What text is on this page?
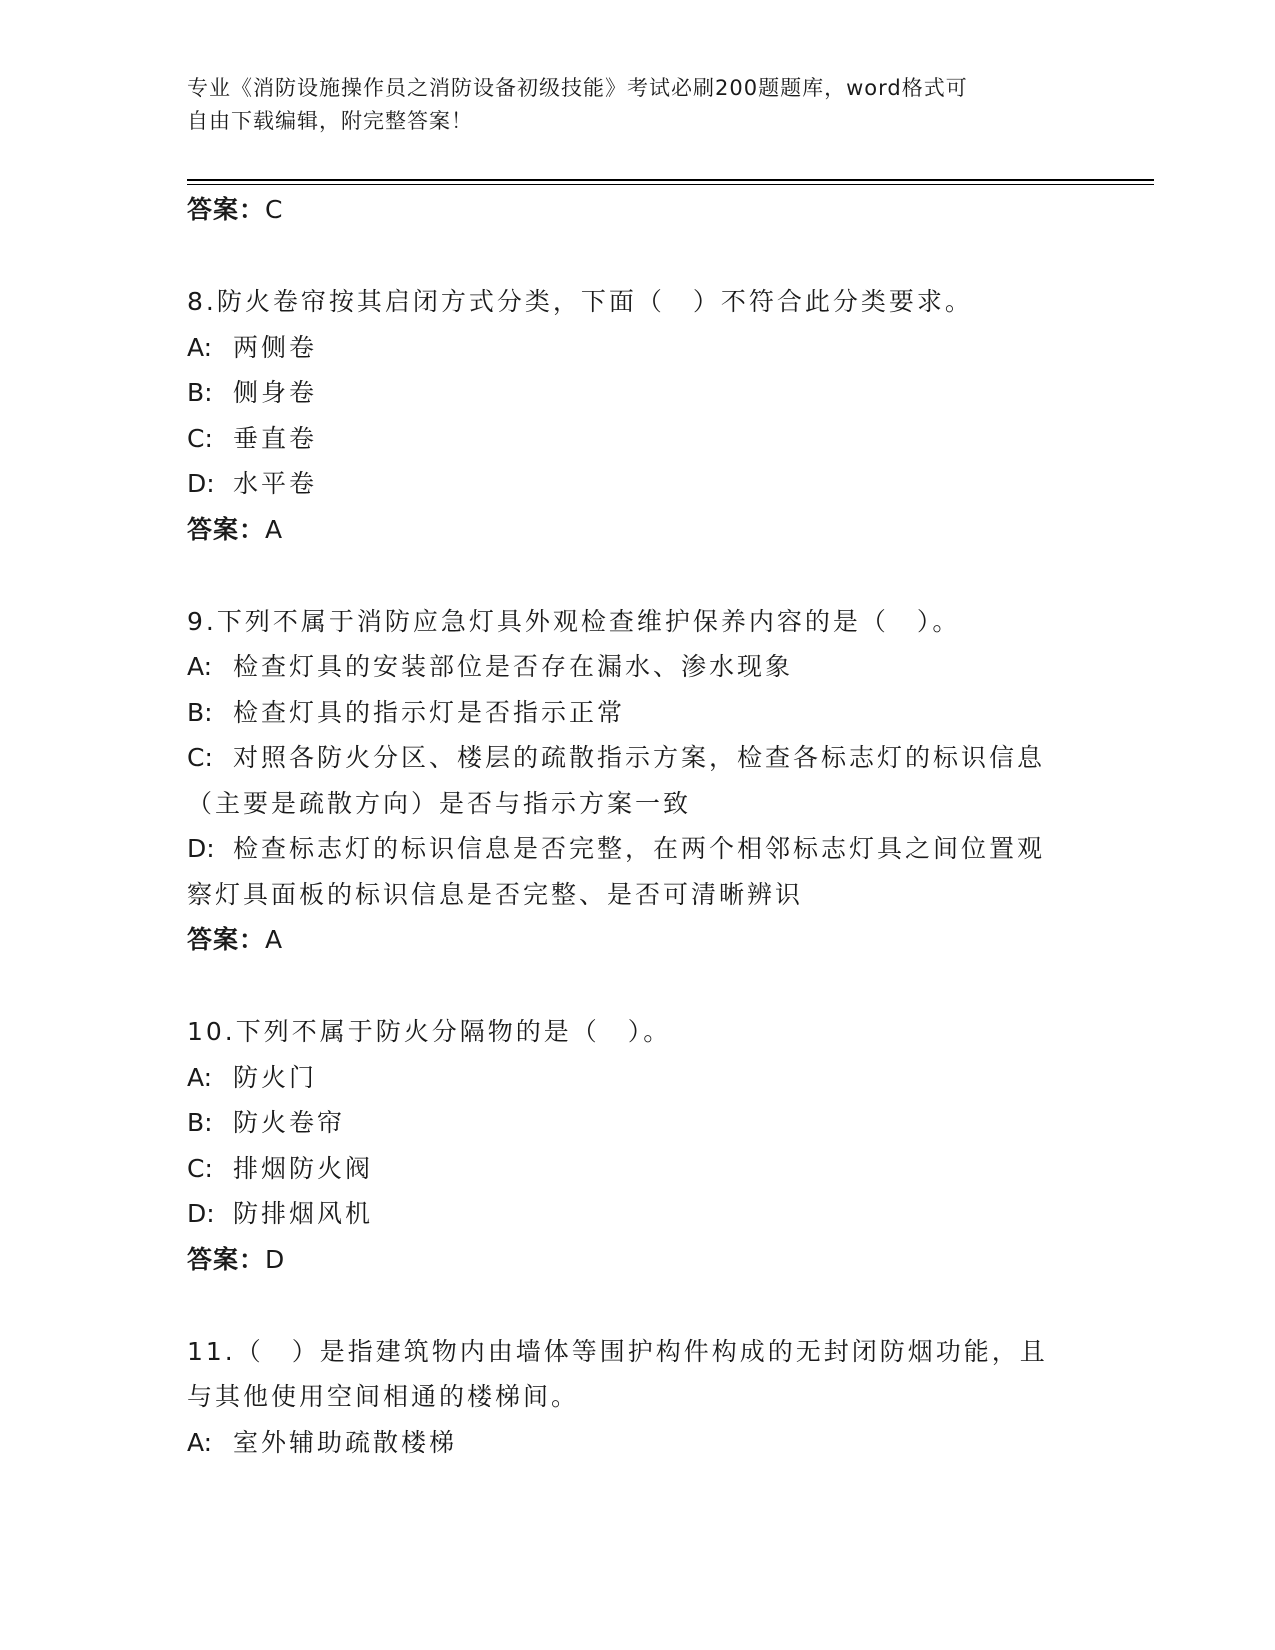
专业《消防设施操作员之消防设备初级技能》考试必刷200题题库，word格式可
自由下载编辑，附完整答案！
答案：C
8.防火卷帘按其启闭方式分类，下面（　）不符合此分类要求。
A: 两侧卷
B: 侧身卷
C: 垂直卷
D: 水平卷
答案：A
9.下列不属于消防应急灯具外观检查维护保养内容的是（　）。
A: 检查灯具的安装部位是否存在漏水、渗水现象
B: 检查灯具的指示灯是否指示正常
C: 对照各防火分区、楼层的疏散指示方案，检查各标志灯的标识信息
（主要是疏散方向）是否与指示方案一致
D: 检查标志灯的标识信息是否完整，在两个相邻标志灯具之间位置观
察灯具面板的标识信息是否完整、是否可清晰辨识
答案：A
10.下列不属于防火分隔物的是（　）。
A: 防火门
B: 防火卷帘
C: 排烟防火阀
D: 防排烟风机
答案：D
11.（　）是指建筑物内由墙体等围护构件构成的无封闭防烟功能，且
与其他使用空间相通的楼梯间。
A: 室外辅助疏散楼梯
